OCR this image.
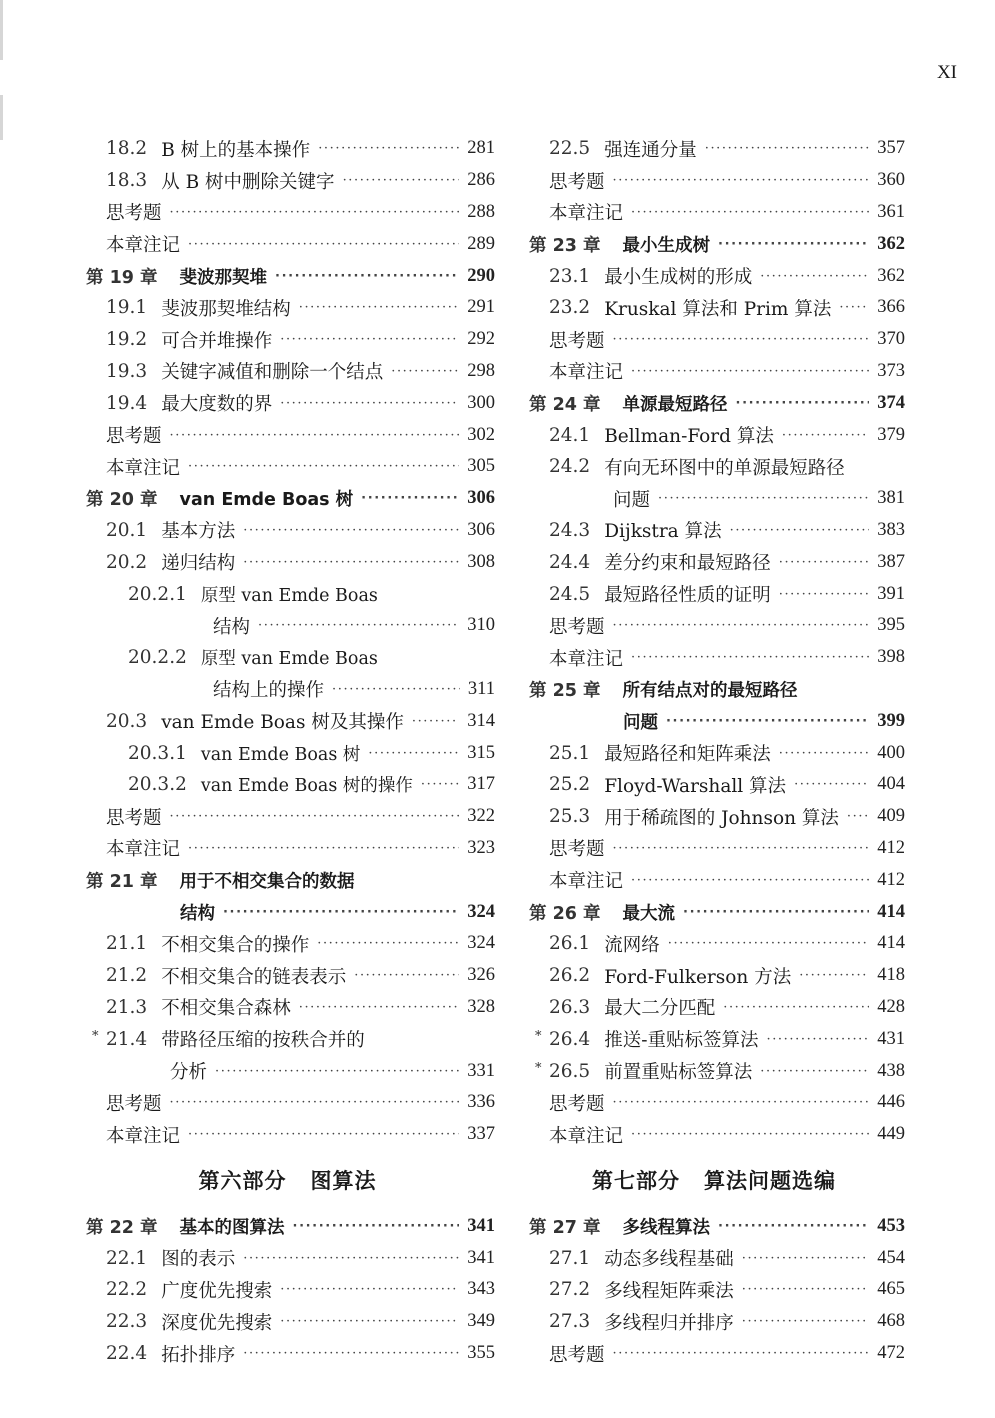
XI
18.2 B 树上的基本操作 ·····	281
18.3 从 B 树中删除关键字 ·····	286
思考题 ·····	288
本章注记 ·····	289
第 19 章 斐波那契堆 ·····	290
19.1 斐波那契堆结构 ·····	291
19.2 可合并堆操作 ·····	292
19.3 关键字减值和删除一个结点 ·····	298
19.4 最大度数的界 ·····	300
思考题 ·····	302
本章注记 ·····	305
第 20 章 van Emde Boas 树 ·····	306
20.1 基本方法 ·····	306
20.2 递归结构 ·····	308
20.2.1 原型 van Emde Boas
结构 ·····	310
20.2.2 原型 van Emde Boas
结构上的操作 ·····	311
20.3 van Emde Boas 树及其操作 ·····	314
20.3.1 van Emde Boas 树 ·····	315
20.3.2 van Emde Boas 树的操作 ·····	317
思考题 ·····	322
本章注记 ·····	323
第 21 章 用于不相交集合的数据
结构 ·····	324
21.1 不相交集合的操作 ·····	324
21.2 不相交集合的链表表示 ·····	326
21.3 不相交集合森林 ·····	328
* 21.4 带路径压缩的按秩合并的
分析 ·····	331
思考题 ·····	336
本章注记 ·····	337
第六部分 图算法
第 22 章 基本的图算法 ·····	341
22.1 图的表示 ·····	341
22.2 广度优先搜索 ·····	343
22.3 深度优先搜索 ·····	349
22.4 拓扑排序 ·····	355
22.5 强连通分量 ·····	357
思考题 ·····	360
本章注记 ·····	361
第 23 章 最小生成树 ·····	362
23.1 最小生成树的形成 ·····	362
23.2 Kruskal 算法和 Prim 算法 ····· 366
思考题 ·····	370
本章注记 ·····	373
第 24 章 单源最短路径 ·····	374
24.1 Bellman-Ford 算法 ·····	379
24.2 有向无环图中的单源最短路径
问题 ·····	381
24.3 Dijkstra 算法 ·····	383
24.4 差分约束和最短路径 ·····	387
24.5 最短路径性质的证明 ·····	391
思考题 ·····	395
本章注记 ·····	398
第 25 章 所有结点对的最短路径
问题 ·····	399
25.1 最短路径和矩阵乘法 ·····	400
25.2 Floyd-Warshall 算法 ·····	404
25.3 用于稀疏图的 Johnson 算法 ····· 409
思考题 ·····	412
本章注记 ·····	412
第 26 章 最大流 ·····	414
26.1 流网络 ·····	414
26.2 Ford-Fulkerson 方法 ·····	418
26.3 最大二分匹配 ·····	428
* 26.4 推送-重贴标签算法 ·····	431
* 26.5 前置重贴标签算法 ·····	438
思考题 ·····	446
本章注记 ·····	449
第七部分 算法问题选编
第 27 章 多线程算法 ·····	453
27.1 动态多线程基础 ·····	454
27.2 多线程矩阵乘法 ·····	465
27.3 多线程归并排序 ·····	468
思考题 ·····	472
